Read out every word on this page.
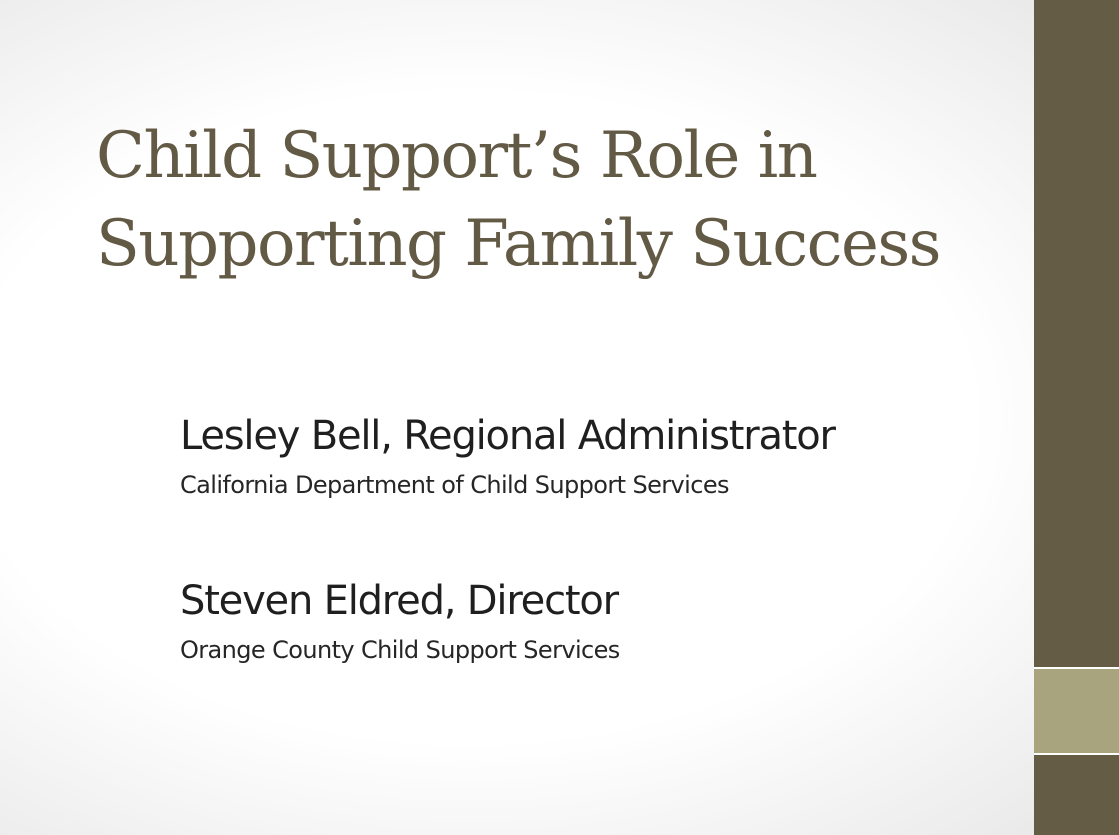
Child Support’s Role in
Supporting Family Success

Lesley Bell, Regional Administrator

California Department of Child Support Services

Steven Eldred, Director

Orange County Child Support Services
